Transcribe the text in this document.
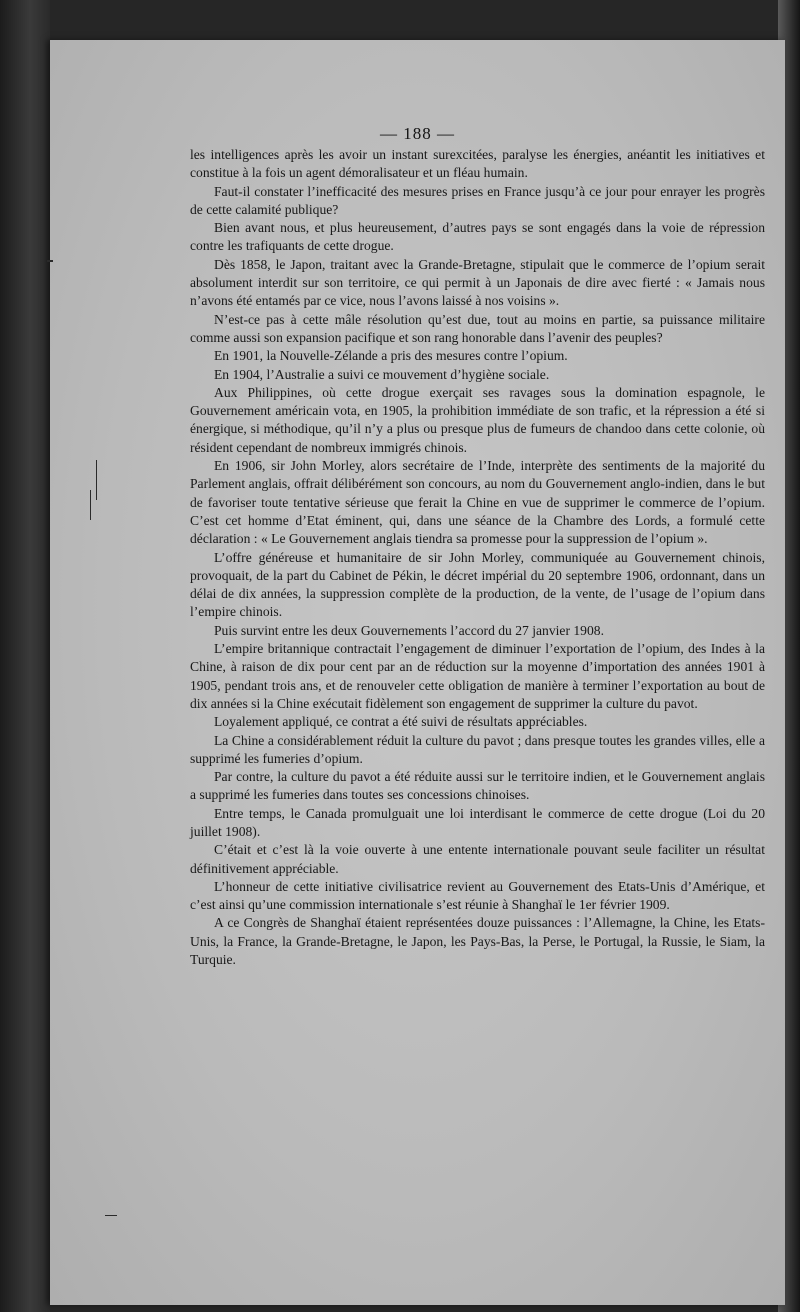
— 188 —

les intelligences après les avoir un instant surexcitées, paralyse les énergies, anéantit les initiatives et constitue à la fois un agent démoralisateur et un fléau humain.

Faut-il constater l’inefficacité des mesures prises en France jusqu’à ce jour pour enrayer les progrès de cette calamité publique?

Bien avant nous, et plus heureusement, d’autres pays se sont engagés dans la voie de répression contre les trafiquants de cette drogue.

Dès 1858, le Japon, traitant avec la Grande-Bretagne, stipulait que le commerce de l’opium serait absolument interdit sur son territoire, ce qui permit à un Japonais de dire avec fierté : « Jamais nous n’avons été entamés par ce vice, nous l’avons laissé à nos voisins ».

N’est-ce pas à cette mâle résolution qu’est due, tout au moins en partie, sa puissance militaire comme aussi son expansion pacifique et son rang honorable dans l’avenir des peuples?

En 1901, la Nouvelle-Zélande a pris des mesures contre l’opium.

En 1904, l’Australie a suivi ce mouvement d’hygiène sociale.

Aux Philippines, où cette drogue exerçait ses ravages sous la domination espagnole, le Gouvernement américain vota, en 1905, la prohibition immédiate de son trafic, et la répression a été si énergique, si méthodique, qu’il n’y a plus ou presque plus de fumeurs de chandoo dans cette colonie, où résident cependant de nombreux immigrés chinois.

En 1906, sir John Morley, alors secrétaire de l’Inde, interprète des sentiments de la majorité du Parlement anglais, offrait délibérément son concours, au nom du Gouvernement anglo-indien, dans le but de favoriser toute tentative sérieuse que ferait la Chine en vue de supprimer le commerce de l’opium. C’est cet homme d’Etat éminent, qui, dans une séance de la Chambre des Lords, a formulé cette déclaration : « Le Gouvernement anglais tiendra sa promesse pour la suppression de l’opium ».

L’offre généreuse et humanitaire de sir John Morley, communiquée au Gouvernement chinois, provoquait, de la part du Cabinet de Pékin, le décret impérial du 20 septembre 1906, ordonnant, dans un délai de dix années, la suppression complète de la production, de la vente, de l’usage de l’opium dans l’empire chinois.

Puis survint entre les deux Gouvernements l’accord du 27 janvier 1908.

L’empire britannique contractait l’engagement de diminuer l’exportation de l’opium, des Indes à la Chine, à raison de dix pour cent par an de réduction sur la moyenne d’importation des années 1901 à 1905, pendant trois ans, et de renouveler cette obligation de manière à terminer l’exportation au bout de dix années si la Chine exécutait fidèlement son engagement de supprimer la culture du pavot.

Loyalement appliqué, ce contrat a été suivi de résultats appréciables.

La Chine a considérablement réduit la culture du pavot ; dans presque toutes les grandes villes, elle a supprimé les fumeries d’opium.

Par contre, la culture du pavot a été réduite aussi sur le territoire indien, et le Gouvernement anglais a supprimé les fumeries dans toutes ses concessions chinoises.

Entre temps, le Canada promulguait une loi interdisant le commerce de cette drogue (Loi du 20 juillet 1908).

C’était et c’est là la voie ouverte à une entente internationale pouvant seule faciliter un résultat définitivement appréciable.

L’honneur de cette initiative civilisatrice revient au Gouvernement des Etats-Unis d’Amérique, et c’est ainsi qu’une commission internationale s’est réunie à Shanghaï le 1er février 1909.

A ce Congrès de Shanghaï étaient représentées douze puissances : l’Allemagne, la Chine, les Etats-Unis, la France, la Grande-Bretagne, le Japon, les Pays-Bas, la Perse, le Portugal, la Russie, le Siam, la Turquie.
